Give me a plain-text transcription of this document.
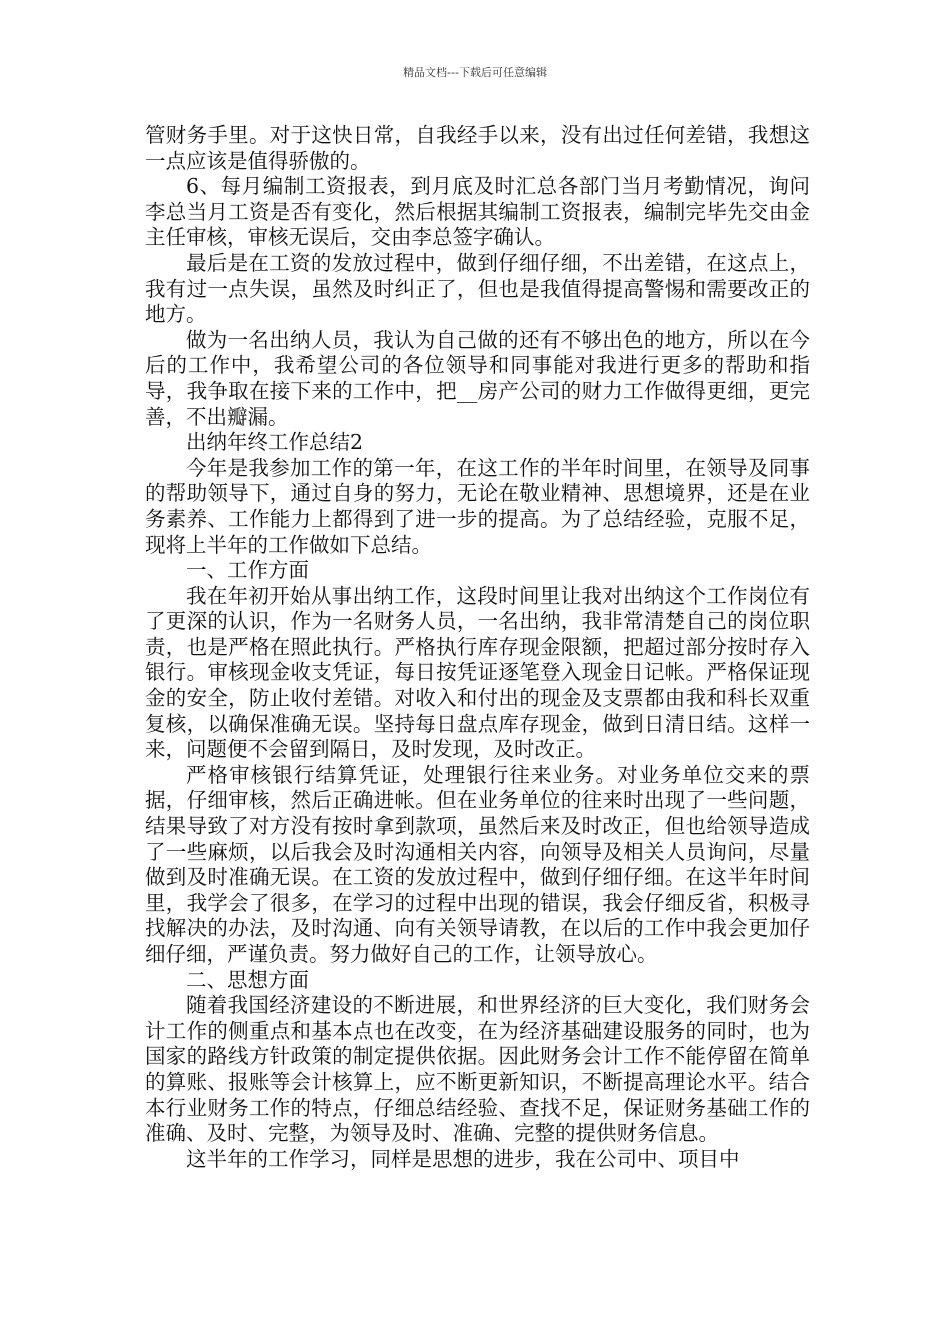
精品文档---下载后可任意编辑

管财务手里。对于这快日常，自我经手以来，没有出过任何差错，我想这一点应该是值得骄傲的。

6、每月编制工资报表，到月底及时汇总各部门当月考勤情况，询问李总当月工资是否有变化，然后根据其编制工资报表，编制完毕先交由金主任审核，审核无误后，交由李总签字确认。

最后是在工资的发放过程中，做到仔细仔细，不出差错，在这点上，我有过一点失误，虽然及时纠正了，但也是我值得提高警惕和需要改正的地方。

做为一名出纳人员，我认为自己做的还有不够出色的地方，所以在今后的工作中，我希望公司的各位领导和同事能对我进行更多的帮助和指导，我争取在接下来的工作中，把__房产公司的财力工作做得更细，更完善，不出瓣漏。

出纳年终工作总结2

今年是我参加工作的第一年，在这工作的半年时间里，在领导及同事的帮助领导下，通过自身的努力，无论在敬业精神、思想境界，还是在业务素养、工作能力上都得到了进一步的提高。为了总结经验，克服不足，现将上半年的工作做如下总结。

一、工作方面

我在年初开始从事出纳工作，这段时间里让我对出纳这个工作岗位有了更深的认识，作为一名财务人员，一名出纳，我非常清楚自己的岗位职责，也是严格在照此执行。严格执行库存现金限额，把超过部分按时存入银行。审核现金收支凭证，每日按凭证逐笔登入现金日记帐。严格保证现金的安全，防止收付差错。对收入和付出的现金及支票都由我和科长双重复核，以确保准确无误。坚持每日盘点库存现金，做到日清日结。这样一来，问题便不会留到隔日，及时发现，及时改正。

严格审核银行结算凭证，处理银行往来业务。对业务单位交来的票据，仔细审核，然后正确进帐。但在业务单位的往来时出现了一些问题，结果导致了对方没有按时拿到款项，虽然后来及时改正，但也给领导造成了一些麻烦，以后我会及时沟通相关内容，向领导及相关人员询问，尽量做到及时准确无误。在工资的发放过程中，做到仔细仔细。在这半年时间里，我学会了很多，在学习的过程中出现的错误，我会仔细反省，积极寻找解决的办法，及时沟通、向有关领导请教，在以后的工作中我会更加仔细仔细，严谨负责。努力做好自己的工作，让领导放心。

二、思想方面

随着我国经济建设的不断进展，和世界经济的巨大变化，我们财务会计工作的侧重点和基本点也在改变，在为经济基础建设服务的同时，也为国家的路线方针政策的制定提供依据。因此财务会计工作不能停留在简单的算账、报账等会计核算上，应不断更新知识，不断提高理论水平。结合本行业财务工作的特点，仔细总结经验、查找不足，保证财务基础工作的准确、及时、完整，为领导及时、准确、完整的提供财务信息。

这半年的工作学习，同样是思想的进步，我在公司中、项目中
